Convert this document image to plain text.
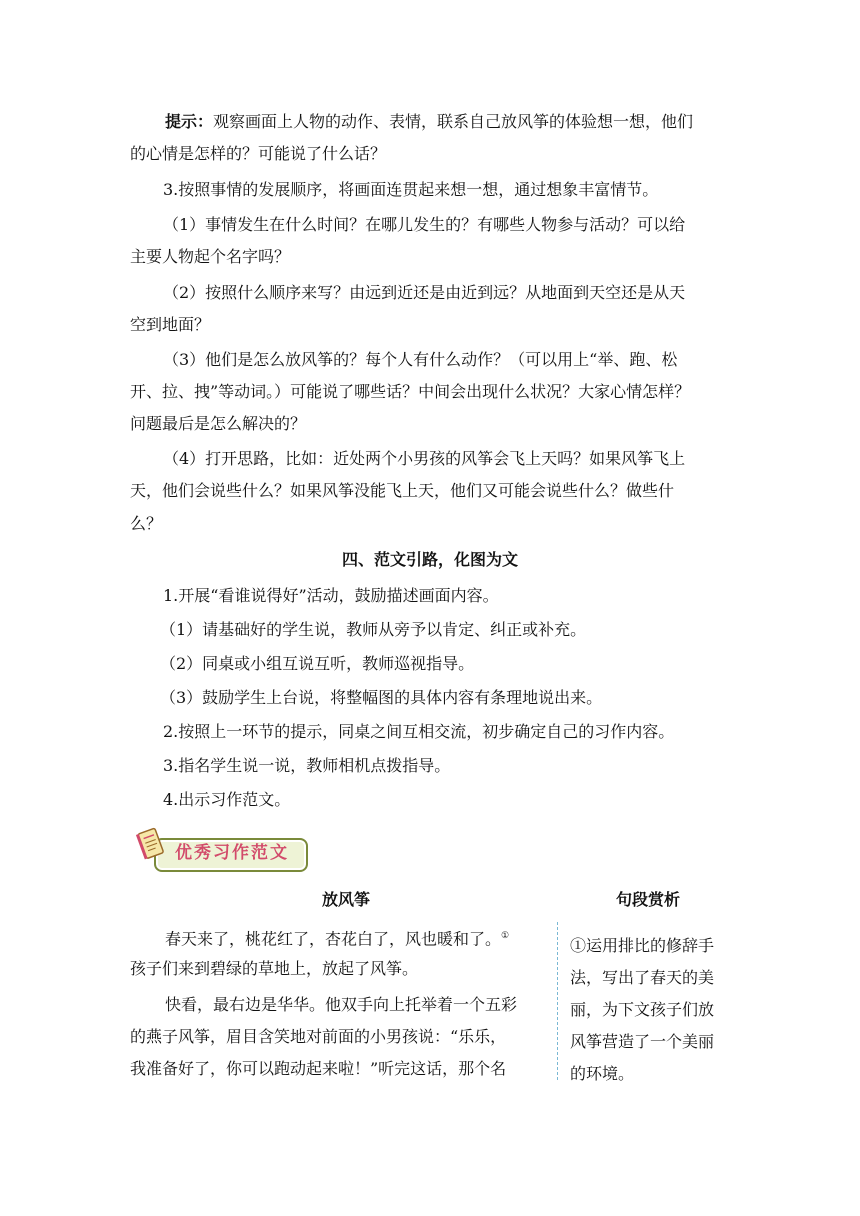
提示：观察画面上人物的动作、表情，联系自己放风筝的体验想一想，他们
的心情是怎样的？可能说了什么话？
3.按照事情的发展顺序，将画面连贯起来想一想，通过想象丰富情节。
（1）事情发生在什么时间？在哪儿发生的？有哪些人物参与活动？可以给
主要人物起个名字吗？
（2）按照什么顺序来写？由远到近还是由近到远？从地面到天空还是从天
空到地面？
（3）他们是怎么放风筝的？每个人有什么动作？（可以用上“举、跑、松
开、拉、拽”等动词。）可能说了哪些话？中间会出现什么状况？大家心情怎样？
问题最后是怎么解决的？
（4）打开思路，比如：近处两个小男孩的风筝会飞上天吗？如果风筝飞上
天，他们会说些什么？如果风筝没能飞上天，他们又可能会说些什么？做些什
么？
四、范文引路，化图为文
1.开展“看谁说得好”活动，鼓励描述画面内容。
（1）请基础好的学生说，教师从旁予以肯定、纠正或补充。
（2）同桌或小组互说互听，教师巡视指导。
（3）鼓励学生上台说，将整幅图的具体内容有条理地说出来。
2.按照上一环节的提示，同桌之间互相交流，初步确定自己的习作内容。
3.指名学生说一说，教师相机点拨指导。
4.出示习作范文。
优秀习作范文
放风筝	句段赏析
春天来了，桃花红了，杏花白了，风也暖和了。①
孩子们来到碧绿的草地上，放起了风筝。
快看，最右边是华华。他双手向上托举着一个五彩
的燕子风筝，眉目含笑地对前面的小男孩说：“乐乐，
我准备好了，你可以跑动起来啦！”听完这话，那个名
①运用排比的修辞手
法，写出了春天的美
丽，为下文孩子们放
风筝营造了一个美丽
的环境。
